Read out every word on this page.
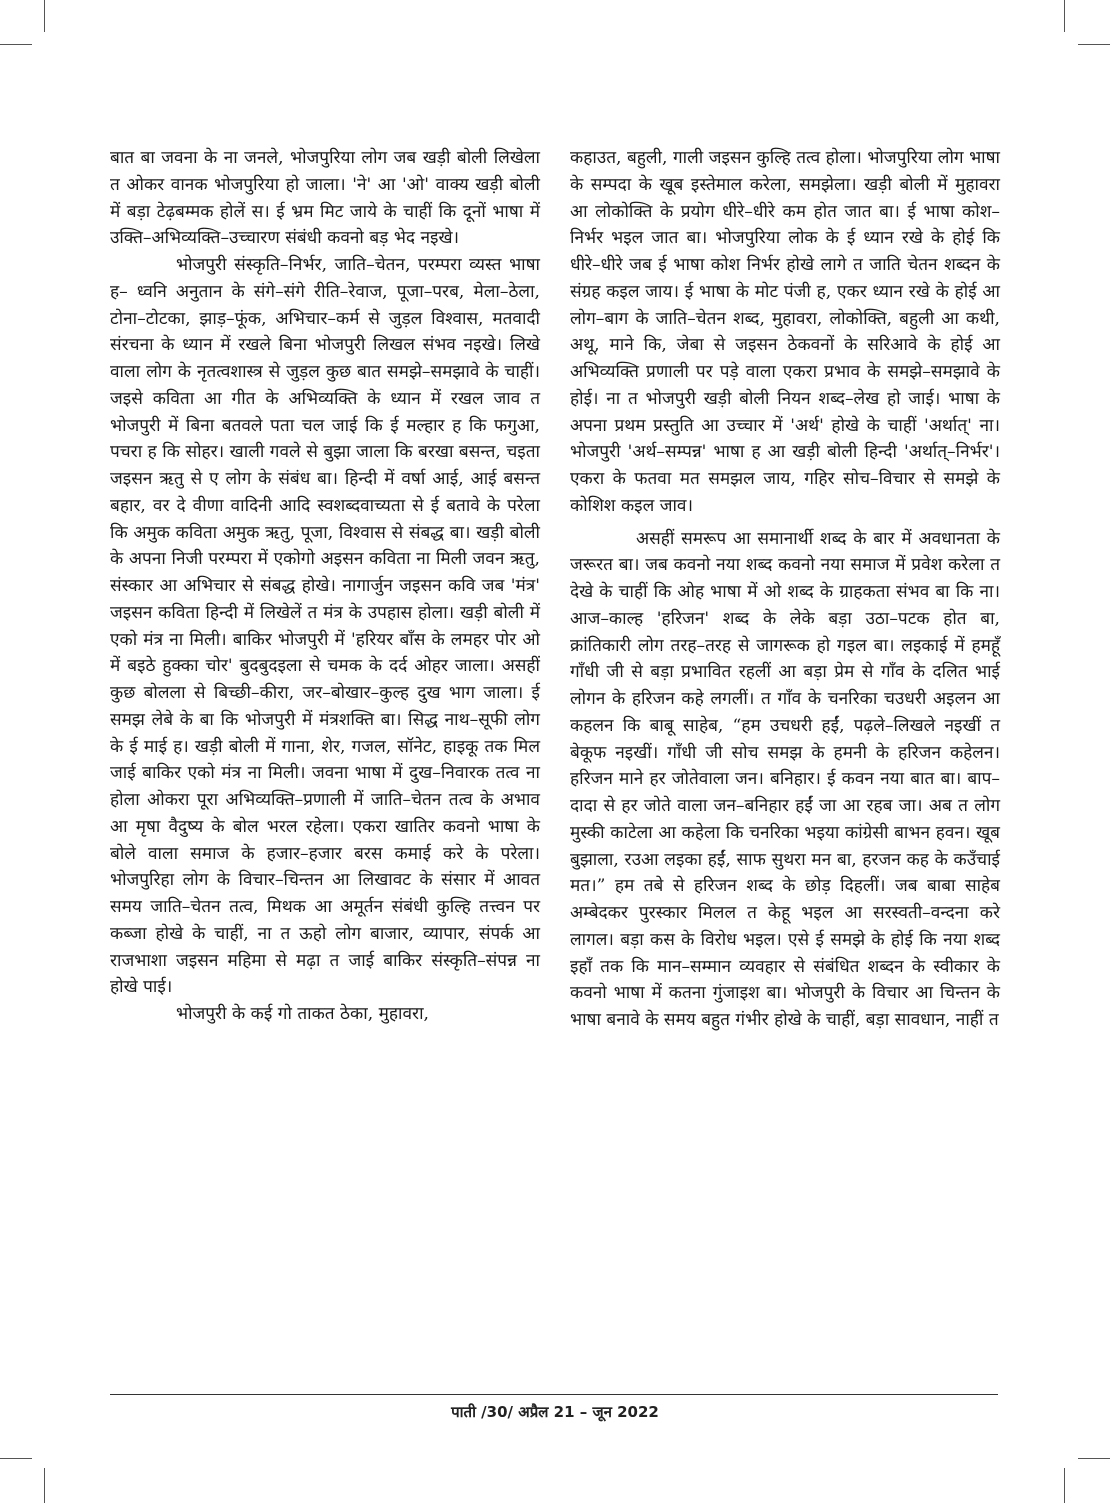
बात बा जवना के ना जनले, भोजपुरिया लोग जब खड़ी बोली लिखेला त ओकर वानक भोजपुरिया हो जाला। 'ने' आ 'ओ' वाक्य खड़ी बोली में बड़ा टेढ़बम्मक होलें स। ई भ्रम मिट जाये के चाहीं कि दूनों भाषा में उक्ति–अभिव्यक्ति–उच्चारण संबंधी कवनो बड़ भेद नइखे।

भोजपुरी संस्कृति–निर्भर, जाति–चेतन, परम्परा व्यस्त भाषा ह– ध्वनि अनुतान के संगे–संगे रीति–रेवाज, पूजा–परब, मेला–ठेला, टोना–टोटका, झाड़–फूंक, अभिचार–कर्म से जुड़ल विश्वास, मतवादी संरचना के ध्यान में रखले बिना भोजपुरी लिखल संभव नइखे। लिखे वाला लोग के नृतत्वशास्त्र से जुड़ल कुछ बात समझे–समझावे के चाहीं। जइसे कविता आ गीत के अभिव्यक्ति के ध्यान में रखल जाव त भोजपुरी में बिना बतवले पता चल जाई कि ई मल्हार ह कि फगुआ, पचरा ह कि सोहर। खाली गवले से बुझा जाला कि बरखा बसन्त, चइता जइसन ऋतु से ए लोग के संबंध बा। हिन्दी में वर्षा आई, आई बसन्त बहार, वर दे वीणा वादिनी आदि स्वशब्दवाच्यता से ई बतावे के परेला कि अमुक कविता अमुक ऋतु, पूजा, विश्वास से संबद्ध बा। खड़ी बोली के अपना निजी परम्परा में एकोगो अइसन कविता ना मिली जवन ऋतु, संस्कार आ अभिचार से संबद्ध होखे। नागार्जुन जइसन कवि जब 'मंत्र' जइसन कविता हिन्दी में लिखेलें त मंत्र के उपहास होला। खड़ी बोली में एको मंत्र ना मिली। बाकिर भोजपुरी में 'हरियर बाँस के लमहर पोर ओ में बइठे हुक्का चोर' बुदबुदइला से चमक के दर्द ओहर जाला। असहीं कुछ बोलला से बिच्छी–कीरा, जर–बोखार–कुल्ह दुख भाग जाला। ई समझ लेबे के बा कि भोजपुरी में मंत्रशक्ति बा। सिद्ध नाथ–सूफी लोग के ई माई ह। खड़ी बोली में गाना, शेर, गजल, सॉनेट, हाइकू तक मिल जाई बाकिर एको मंत्र ना मिली। जवना भाषा में दुख–निवारक तत्व ना होला ओकरा पूरा अभिव्यक्ति–प्रणाली में जाति–चेतन तत्व के अभाव आ मृषा वैदुष्य के बोल भरल रहेला। एकरा खातिर कवनो भाषा के बोले वाला समाज के हजार–हजार बरस कमाई करे के परेला। भोजपुरिहा लोग के विचार–चिन्तन आ लिखावट के संसार में आवत समय जाति–चेतन तत्व, मिथक आ अमूर्तन संबंधी कुल्हि तत्त्वन पर कब्जा होखे के चाहीं, ना त ऊहो लोग बाजार, व्यापार, संपर्क आ राजभाशा जइसन महिमा से मढ़ा त जाई बाकिर संस्कृति–संपन्न ना होखे पाई।

भोजपुरी के कई गो ताकत ठेका, मुहावरा,

कहाउत, बहुली, गाली जइसन कुल्हि तत्व होला। भोजपुरिया लोग भाषा के सम्पदा के खूब इस्तेमाल करेला, समझेला। खड़ी बोली में मुहावरा आ लोकोक्ति के प्रयोग धीरे–धीरे कम होत जात बा। ई भाषा कोश–निर्भर भइल जात बा। भोजपुरिया लोक के ई ध्यान रखे के होई कि धीरे–धीरे जब ई भाषा कोश निर्भर होखे लागे त जाति चेतन शब्दन के संग्रह कइल जाय। ई भाषा के मोट पंजी ह, एकर ध्यान रखे के होई आ लोग–बाग के जाति–चेतन शब्द, मुहावरा, लोकोक्ति, बहुली आ कथी, अथू, माने कि, जेबा से जइसन ठेकवनों के सरिआवे के होई आ अभिव्यक्ति प्रणाली पर पड़े वाला एकरा प्रभाव के समझे–समझावे के होई। ना त भोजपुरी खड़ी बोली नियन शब्द–लेख हो जाई। भाषा के अपना प्रथम प्रस्तुति आ उच्चार में 'अर्थ' होखे के चाहीं 'अर्थात्' ना। भोजपुरी 'अर्थ–सम्पन्न' भाषा ह आ खड़ी बोली हिन्दी 'अर्थात्–निर्भर'। एकरा के फतवा मत समझल जाय, गहिर सोच–विचार से समझे के कोशिश कइल जाव।

असहीं समरूप आ समानार्थी शब्द के बार में अवधानता के जरूरत बा। जब कवनो नया शब्द कवनो नया समाज में प्रवेश करेला त देखे के चाहीं कि ओह भाषा में ओ शब्द के ग्राहकता संभव बा कि ना। आज–काल्ह 'हरिजन' शब्द के लेके बड़ा उठा–पटक होत बा, क्रांतिकारी लोग तरह–तरह से जागरूक हो गइल बा। लइकाई में हमहूँ गाँधी जी से बड़ा प्रभावित रहलीं आ बड़ा प्रेम से गाँव के दलित भाई लोगन के हरिजन कहे लगलीं। त गाँव के चनरिका चउधरी अइलन आ कहलन कि बाबू साहेब, “हम उचधरी हईं, पढ़ले–लिखले नइखीं त बेकूफ नइखीं। गाँधी जी सोच समझ के हमनी के हरिजन कहेलन। हरिजन माने हर जोतेवाला जन। बनिहार। ई कवन नया बात बा। बाप–दादा से हर जोते वाला जन–बनिहार हईं जा आ रहब जा। अब त लोग मुस्की काटेला आ कहेला कि चनरिका भइया कांग्रेसी बाभन हवन। खूब बुझाला, रउआ लइका हईं, साफ सुथरा मन बा, हरजन कह के कउँचाई मत।” हम तबे से हरिजन शब्द के छोड़ दिहलीं। जब बाबा साहेब अम्बेदकर पुरस्कार मिलल त केहू भइल आ सरस्वती–वन्दना करे लागल। बड़ा कस के विरोध भइल। एसे ई समझे के होई कि नया शब्द इहाँ तक कि मान–सम्मान व्यवहार से संबंधित शब्दन के स्वीकार के कवनो भाषा में कतना गुंजाइश बा। भोजपुरी के विचार आ चिन्तन के भाषा बनावे के समय बहुत गंभीर होखे के चाहीं, बड़ा सावधान, नाहीं त

पाती /30/ अप्रैल 21 – जून 2022
